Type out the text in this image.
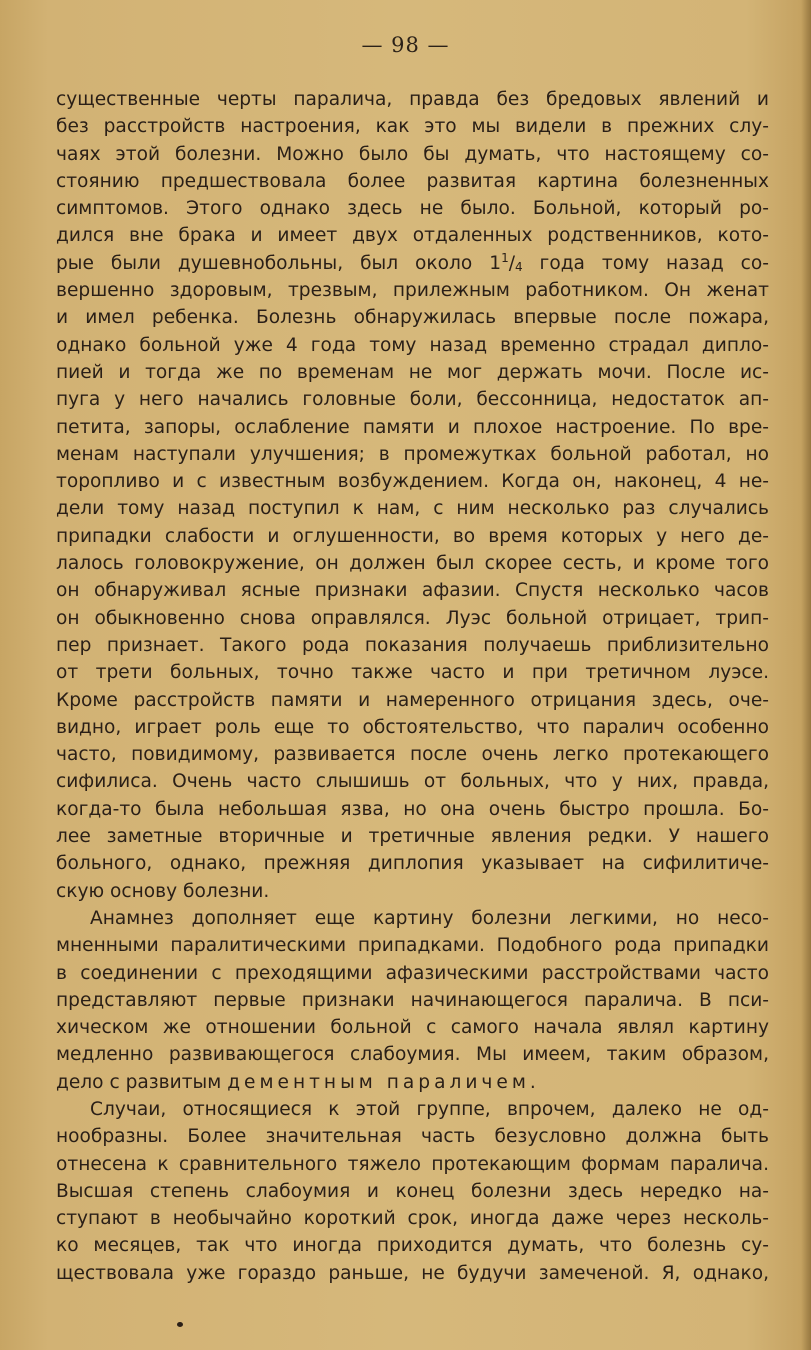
— 98 —
существенные черты паралича, правда без бредовых явлений и
без расстройств настроения, как это мы видели в прежних слу-
чаях этой болезни. Можно было бы думать, что настоящему со-
стоянию предшествовала более развитая картина болезненных
симптомов. Этого однако здесь не было. Больной, который ро-
дился вне брака и имеет двух отдаленных родственников, кото-
рые были душевнобольны, был около $1^1/_4$ года тому назад со-
вершенно здоровым, трезвым, прилежным работником. Он женат
и имел ребенка. Болезнь обнаружилась впервые после пожара,
однако больной уже 4 года тому назад временно страдал дипло-
пией и тогда же по временам не мог держать мочи. После ис-
пуга у него начались головные боли, бессонница, недостаток ап-
петита, запоры, ослабление памяти и плохое настроение. По вре-
менам наступали улучшения; в промежутках больной работал, но
торопливо и с известным возбуждением. Когда он, наконец, 4 не-
дели тому назад поступил к нам, с ним несколько раз случались
припадки слабости и оглушенности, во время которых у него де-
лалось головокружение, он должен был скорее сесть, и кроме того
он обнаруживал ясные признаки афазии. Спустя несколько часов
он обыкновенно снова оправлялся. Луэс больной отрицает, трип-
пер признает. Такого рода показания получаешь приблизительно
от трети больных, точно также часто и при третичном луэсе.
Кроме расстройств памяти и намеренного отрицания здесь, оче-
видно, играет роль еще то обстоятельство, что паралич особенно
часто, повидимому, развивается после очень легко протекающего
сифилиса. Очень часто слышишь от больных, что у них, правда,
когда-то была небольшая язва, но она очень быстро прошла. Бо-
лее заметные вторичные и третичные явления редки. У нашего
больного, однако, прежняя диплопия указывает на сифилитиче-
скую основу болезни.
Анамнез дополняет еще картину болезни легкими, но несо-
мненными паралитическими припадками. Подобного рода припадки
в соединении с преходящими афазическими расстройствами часто
представляют первые признаки начинающегося паралича. В пси-
хическом же отношении больной с самого начала являл картину
медленно развивающегося слабоумия. Мы имеем, таким образом,
дело с развитым дементным параличем.
Случаи, относящиеся к этой группе, впрочем, далеко не од-
нообразны. Более значительная часть безусловно должна быть
отнесена к сравнительного тяжело протекающим формам паралича.
Высшая степень слабоумия и конец болезни здесь нередко на-
ступают в необычайно короткий срок, иногда даже через несколь-
ко месяцев, так что иногда приходится думать, что болезнь су-
ществовала уже гораздо раньше, не будучи замеченой. Я, однако,
